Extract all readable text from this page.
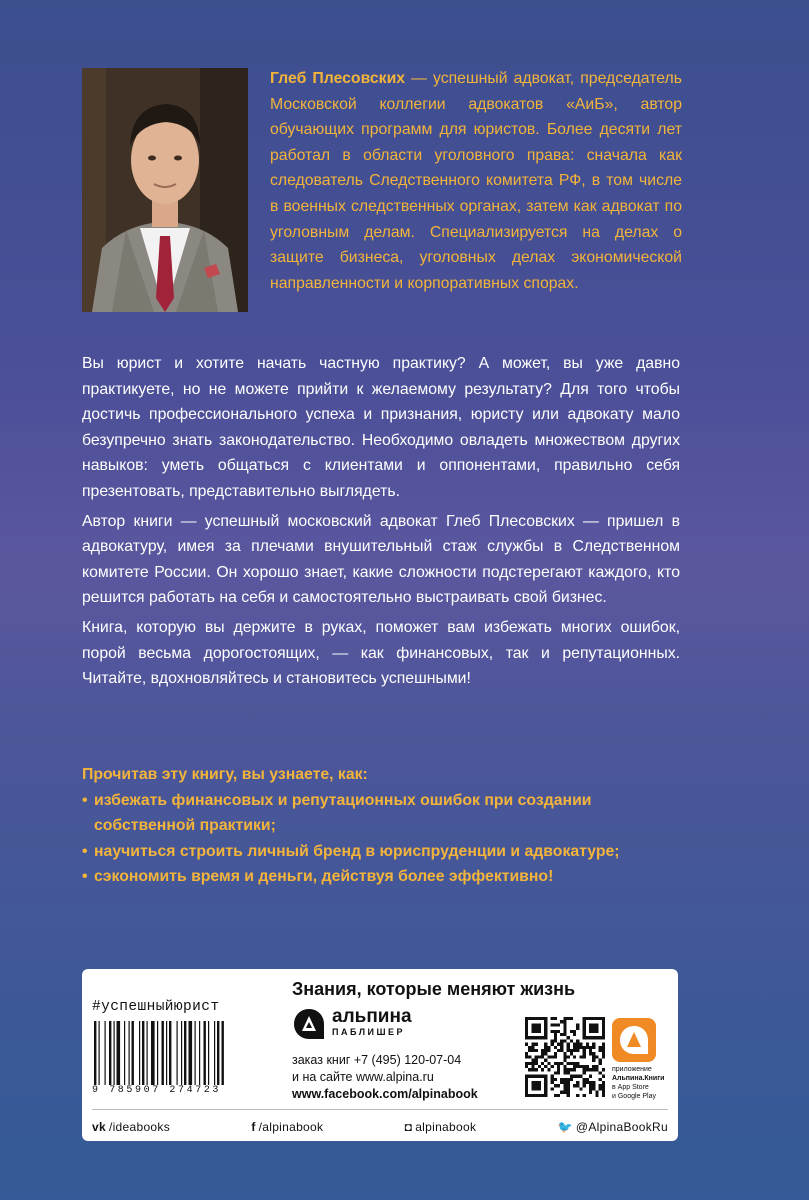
Глеб Плесовских — успешный адвокат, председатель Московской коллегии адвокатов «АиБ», автор обучающих программ для юристов. Более десяти лет работал в области уголовного права: сначала как следователь Следственного комитета РФ, в том числе в военных следственных органах, затем как адвокат по уголовным делам. Специализируется на делах о защите бизнеса, уголовных делах экономической направленности и корпоративных спорах.

Вы юрист и хотите начать частную практику? А может, вы уже давно практикуете, но не можете прийти к желаемому результату? Для того чтобы достичь профессионального успеха и признания, юристу или адвокату мало безупречно знать законодательство. Необходимо овладеть множеством других навыков: уметь общаться с клиентами и оппонентами, правильно себя презентовать, представительно выглядеть.

Автор книги — успешный московский адвокат Глеб Плесовских — пришел в адвокатуру, имея за плечами внушительный стаж службы в Следственном комитете России. Он хорошо знает, какие сложности подстерегают каждого, кто решится работать на себя и самостоятельно выстраивать свой бизнес.

Книга, которую вы держите в руках, поможет вам избежать многих ошибок, порой весьма дорогостоящих, — как финансовых, так и репутационных. Читайте, вдохновляйтесь и становитесь успешными!

Прочитав эту книгу, вы узнаете, как:

• избежать финансовых и репутационных ошибок при создании собственной практики;
• научиться строить личный бренд в юриспруденции и адвокатуре;
• сэкономить время и деньги, действуя более эффективно!
Знания, которые меняют жизнь
#успешныйюрист
9 785907 274723
альпина
ПАБЛИШЕР
заказ книг +7 (495) 120-07-04
и на сайте www.alpina.ru
www.facebook.com/alpinabook
приложение
Альпина.Книги
в App Store
и Google Play
vk /ideabooks	f /alpinabook	◘ alpinabook	🐦 @AlpinaBookRu
